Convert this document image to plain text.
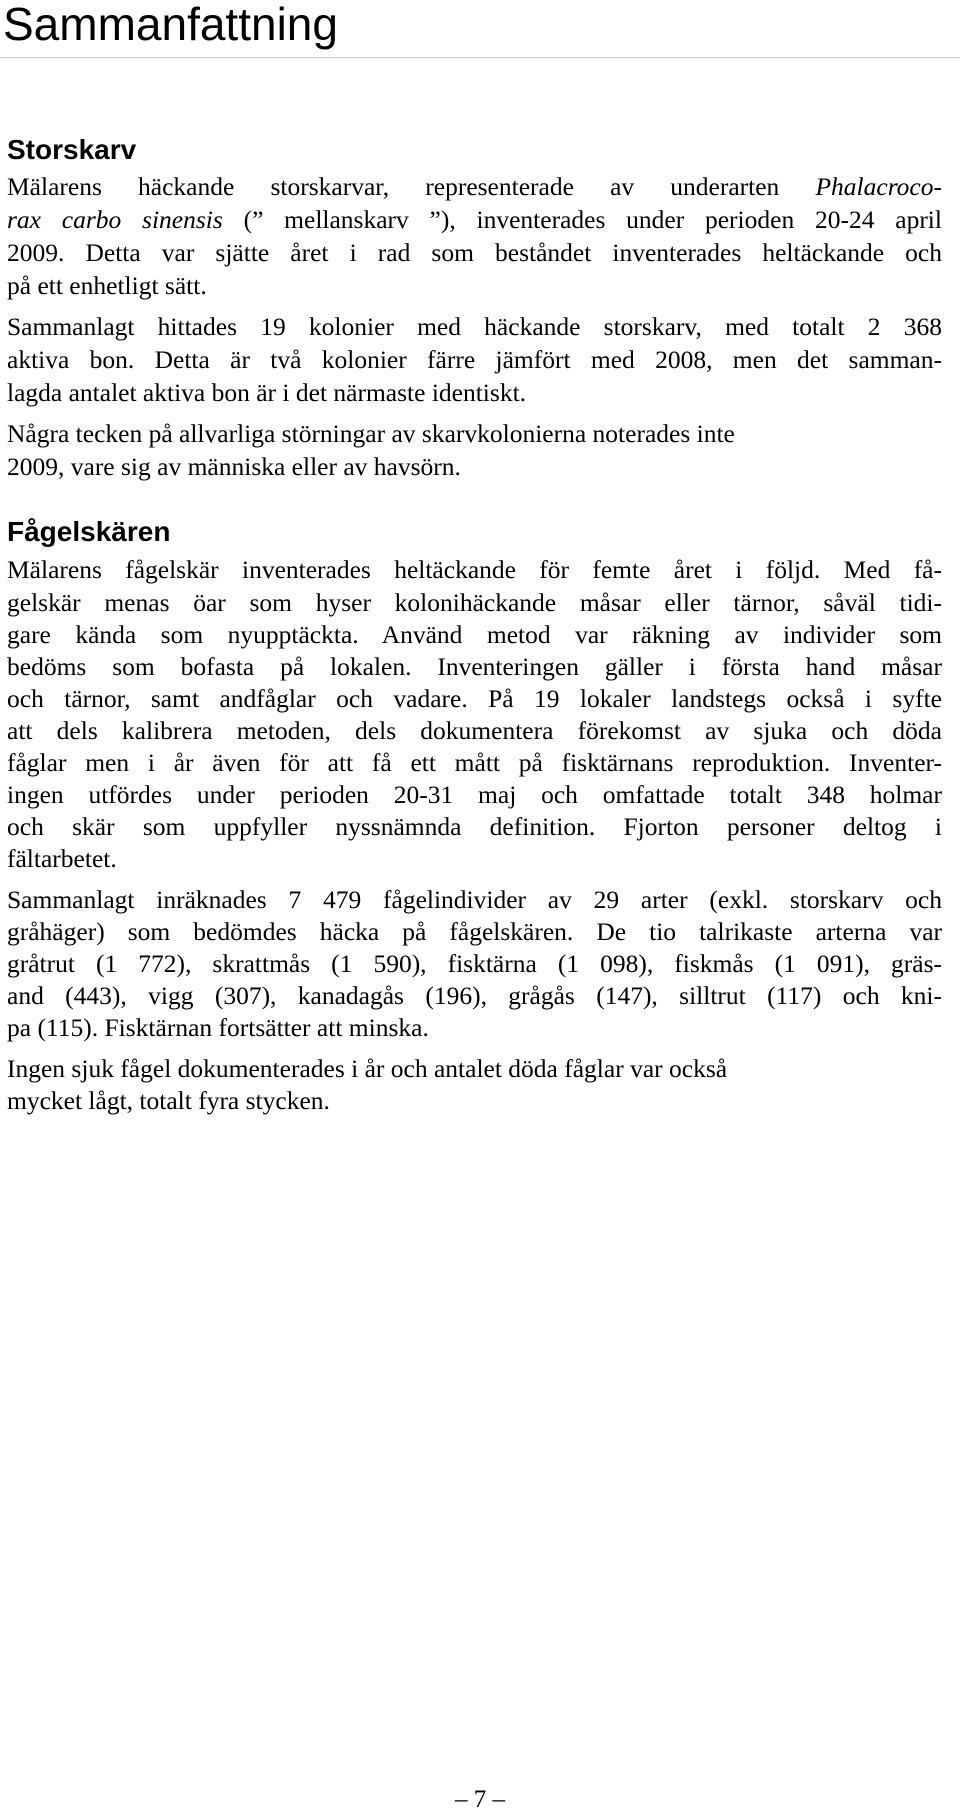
Sammanfattning
Storskarv
Mälarens häckande storskarvar, representerade av underarten Phalacroco-
rax carbo sinensis (” mellanskarv ”), inventerades under perioden 20-24 april
2009. Detta var sjätte året i rad som beståndet inventerades heltäckande och
på ett enhetligt sätt.
Sammanlagt hittades 19 kolonier med häckande storskarv, med totalt 2 368
aktiva bon. Detta är två kolonier färre jämfört med 2008, men det samman-
lagda antalet aktiva bon är i det närmaste identiskt.
Några tecken på allvarliga störningar av skarvkolonierna noterades inte
2009, vare sig av människa eller av havsörn.
Fågelskären
Mälarens fågelskär inventerades heltäckande för femte året i följd. Med få-
gelskär menas öar som hyser kolonihäckande måsar eller tärnor, såväl tidi-
gare kända som nyupptäckta. Använd metod var räkning av individer som
bedöms som bofasta på lokalen. Inventeringen gäller i första hand måsar
och tärnor, samt andfåglar och vadare. På 19 lokaler landstegs också i syfte
att dels kalibrera metoden, dels dokumentera förekomst av sjuka och döda
fåglar men i år även för att få ett mått på fisktärnans reproduktion. Inventer-
ingen utfördes under perioden 20-31 maj och omfattade totalt 348 holmar
och skär som uppfyller nyssnämnda definition. Fjorton personer deltog i
fältarbetet.
Sammanlagt inräknades 7 479 fågelindivider av 29 arter (exkl. storskarv och
gråhäger) som bedömdes häcka på fågelskären. De tio talrikaste arterna var
gråtrut (1 772), skrattmås (1 590), fisktärna (1 098), fiskmås (1 091), gräs-
and (443), vigg (307), kanadagås (196), grågås (147), silltrut (117) och kni-
pa (115). Fisktärnan fortsätter att minska.
Ingen sjuk fågel dokumenterades i år och antalet döda fåglar var också
mycket lågt, totalt fyra stycken.
– 7 –
